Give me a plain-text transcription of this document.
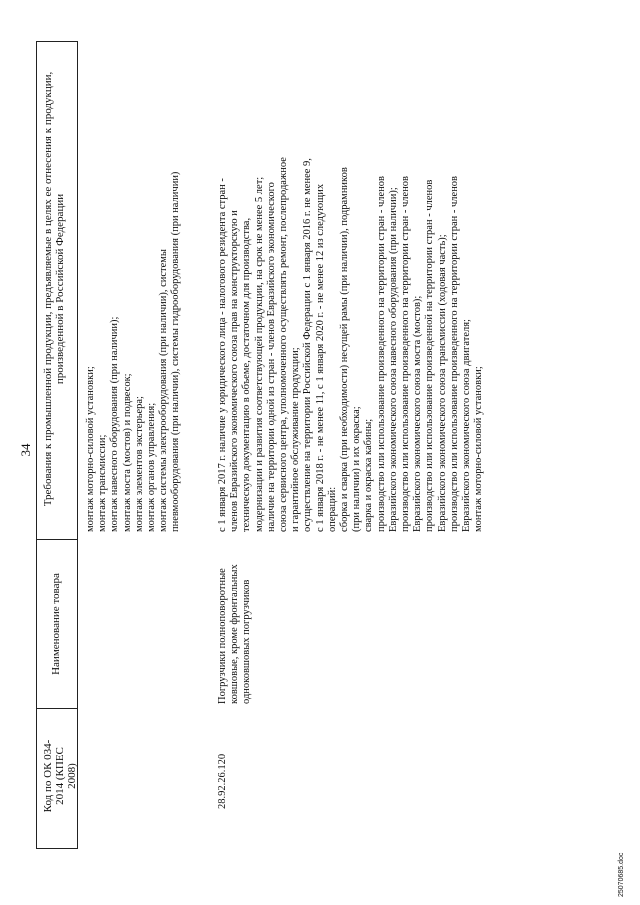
34
Код по ОК 034-2014 (КПЕС 2008)
Наименование товара
Требования к промышленной продукции, предъявляемые в целях ее отнесения к продукции, произведенной в Российской Федерации
монтаж моторно-силовой установки; монтаж трансмиссии; монтаж навесного оборудования (при наличии); монтаж моста (мостов) и подвесок; монтаж элементов экстерьера; монтаж органов управления; монтаж системы электрооборудования (при наличии), системы пневмооборудования (при наличии), системы гидрооборудования (при наличии)
28.92.26.120
Погрузчики полноповоротные ковшовые, кроме фронтальных одноковшовых погрузчиков
с 1 января 2017 г. наличие у юридического лица - налогового резидента стран - членов Евразийского экономического союза прав на конструкторскую и техническую документацию в объеме, достаточном для производства, модернизации и развития соответствующей продукции, на срок не менее 5 лет; наличие на территории одной из стран - членов Евразийского экономического союза сервисного центра, уполномоченного осуществлять ремонт, послепродажное и гарантийное обслуживание продукции; осуществление на территории Российской Федерации с 1 января 2016 г. не менее 9, с 1 января 2018 г. - не менее 11, с 1 января 2020 г. - не менее 12 из следующих операций: сборка и сварка (при необходимости) несущей рамы (при наличии), подрамников (при наличии) и их окраска; сварка и окраска кабины; производство или использование произведенного на территории стран - членов Евразийского экономического союза навесного оборудования (при наличии); производство или использование произведенного на территории стран - членов Евразийского экономического союза моста (мостов); производство или использование произведенной на территории стран - членов Евразийского экономического союза трансмиссии (ходовая часть); производство или использование произведенного на территории стран - членов Евразийского экономического союза двигателя; монтаж моторно-силовой установки;
25070685.doc
